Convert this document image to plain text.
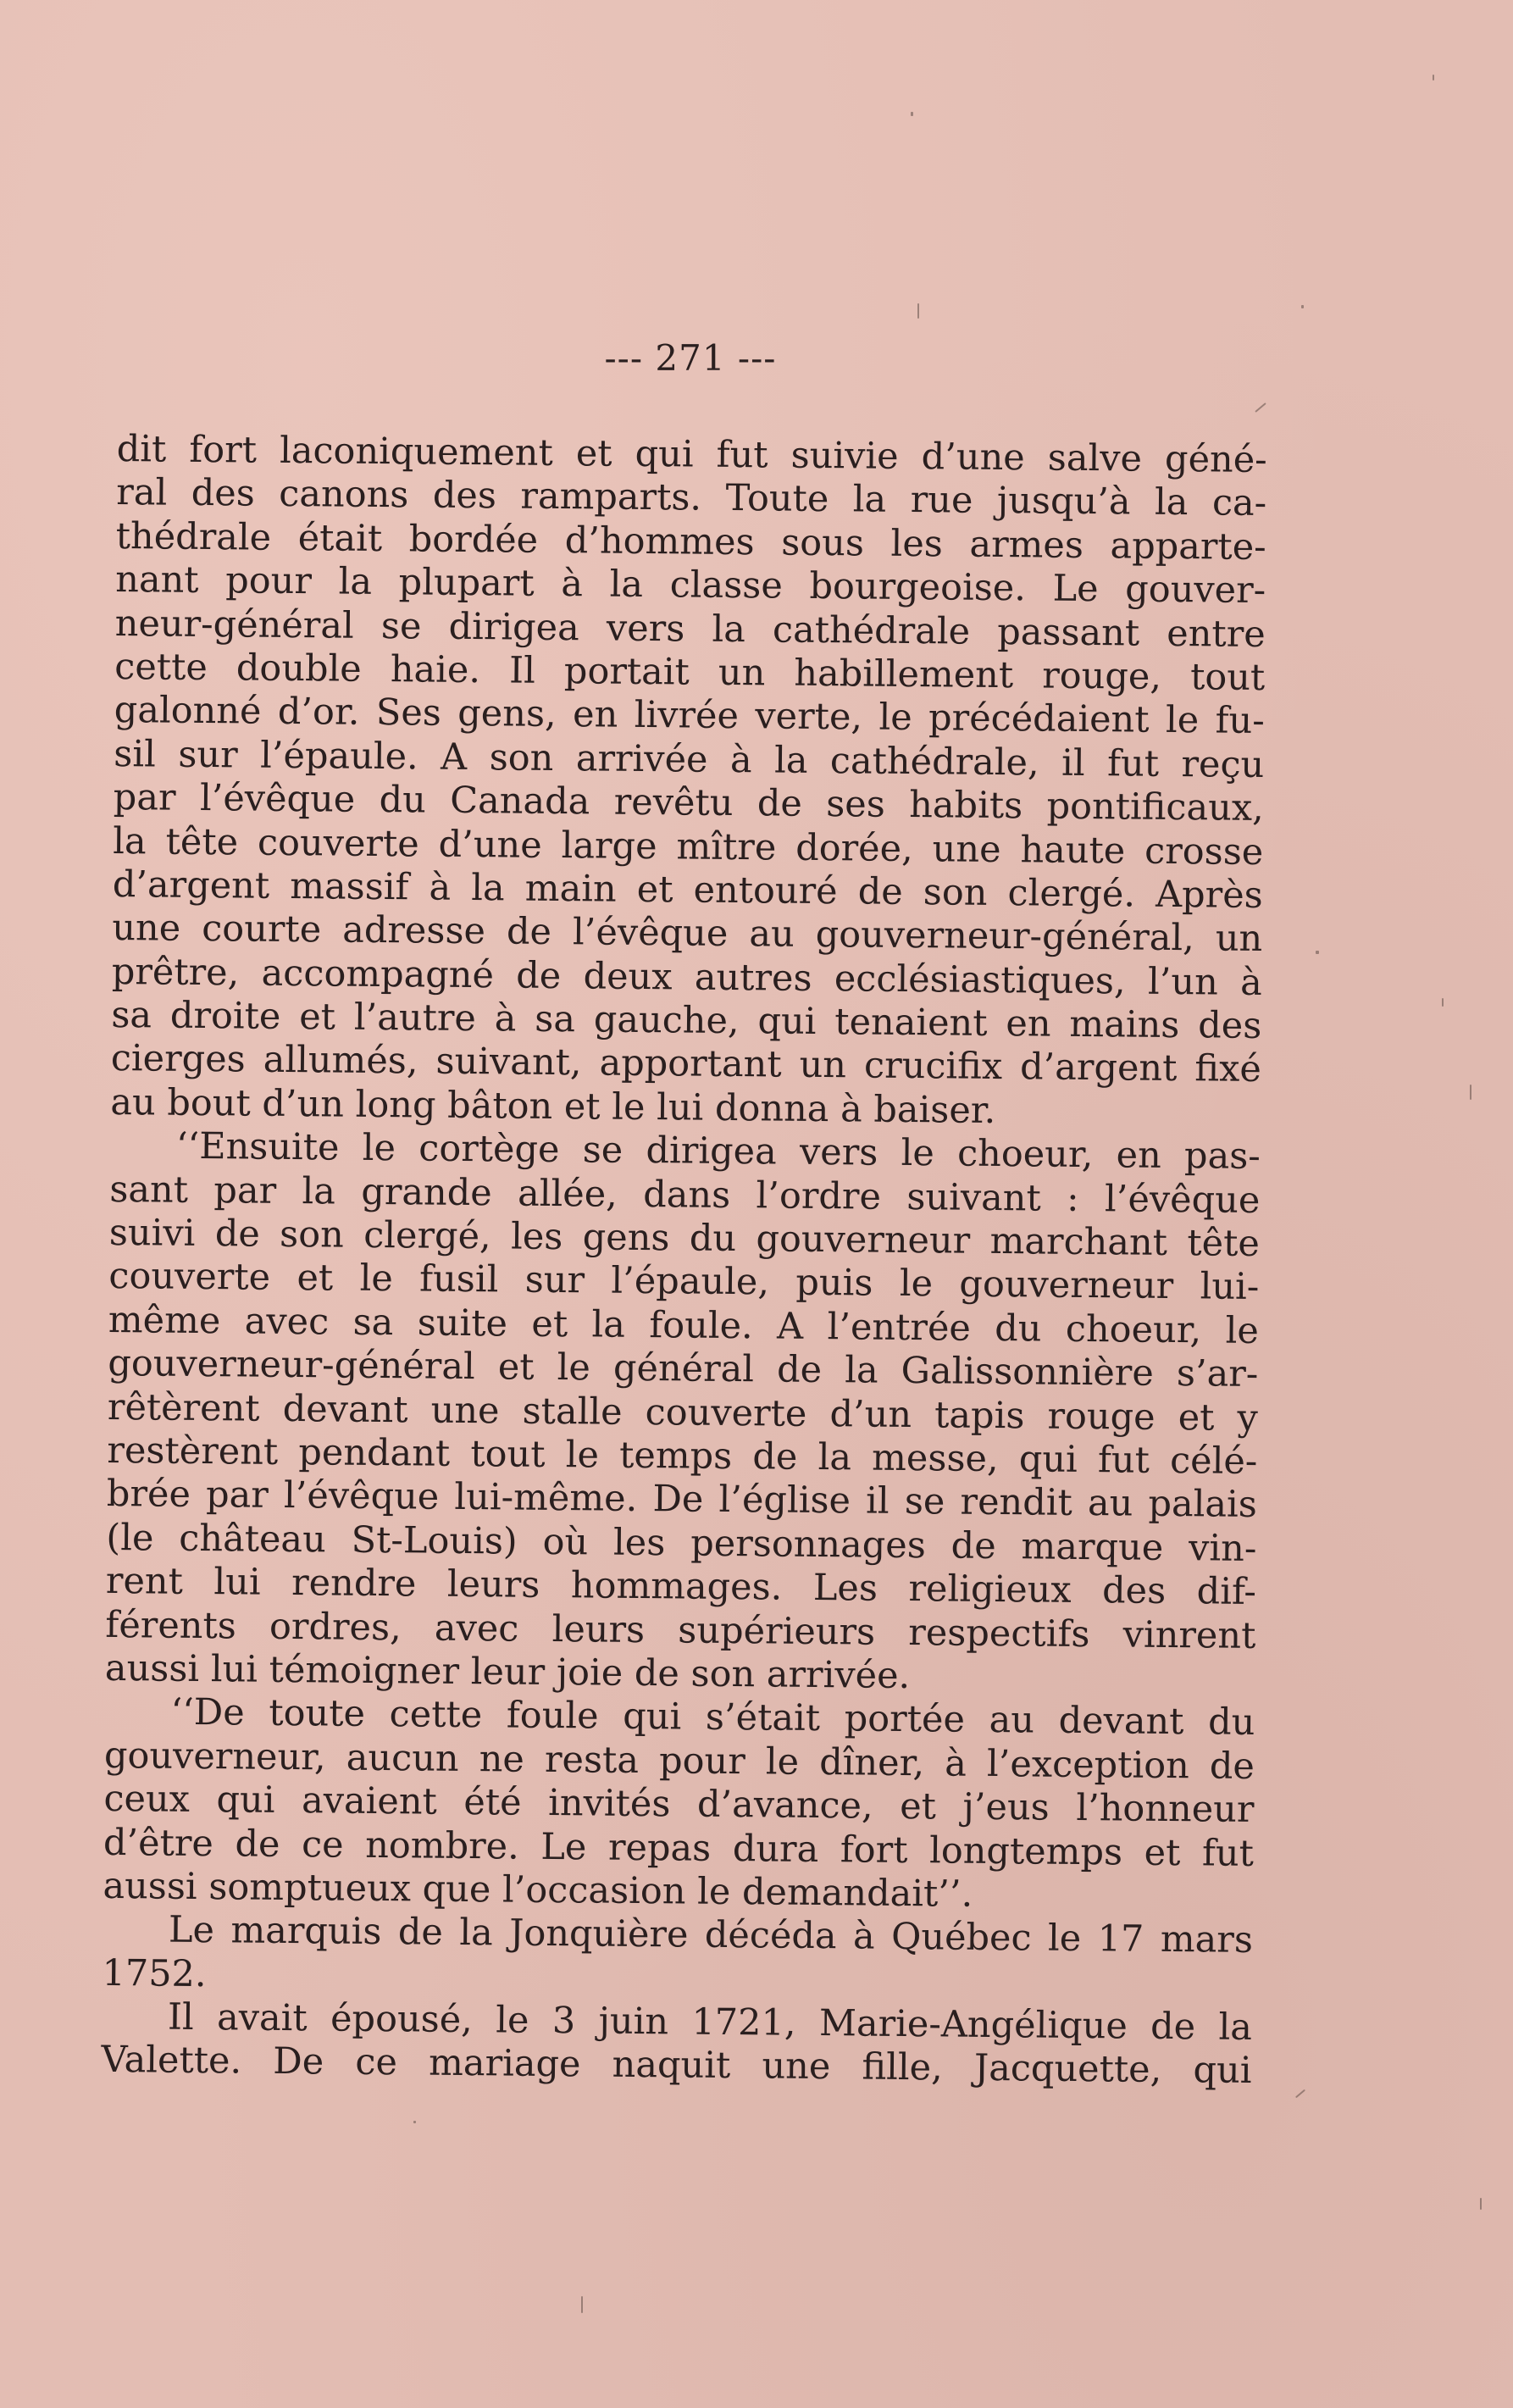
--- 271 ---
dit fort laconiquement et qui fut suivie d’une salve géné-
ral des canons des ramparts. Toute la rue jusqu’à la ca-
thédrale était bordée d’hommes sous les armes apparte-
nant pour la plupart à la classe bourgeoise. Le gouver-
neur-général se dirigea vers la cathédrale passant entre
cette double haie. Il portait un habillement rouge, tout
galonné d’or. Ses gens, en livrée verte, le précédaient le fu-
sil sur l’épaule. A son arrivée à la cathédrale, il fut reçu
par l’évêque du Canada revêtu de ses habits pontificaux,
la tête couverte d’une large mître dorée, une haute crosse
d’argent massif à la main et entouré de son clergé. Après
une courte adresse de l’évêque au gouverneur-général, un
prêtre, accompagné de deux autres ecclésiastiques, l’un à
sa droite et l’autre à sa gauche, qui tenaient en mains des
cierges allumés, suivant, apportant un crucifix d’argent fixé
au bout d’un long bâton et le lui donna à baiser.
‘‘Ensuite le cortège se dirigea vers le choeur, en pas-
sant par la grande allée, dans l’ordre suivant : l’évêque
suivi de son clergé, les gens du gouverneur marchant tête
couverte et le fusil sur l’épaule, puis le gouverneur lui-
même avec sa suite et la foule. A l’entrée du choeur, le
gouverneur-général et le général de la Galissonnière s’ar-
rêtèrent devant une stalle couverte d’un tapis rouge et y
restèrent pendant tout le temps de la messe, qui fut célé-
brée par l’évêque lui-même. De l’église il se rendit au palais
(le château St-Louis) où les personnages de marque vin-
rent lui rendre leurs hommages. Les religieux des dif-
férents ordres, avec leurs supérieurs respectifs vinrent
aussi lui témoigner leur joie de son arrivée.
‘‘De toute cette foule qui s’était portée au devant du
gouverneur, aucun ne resta pour le dîner, à l’exception de
ceux qui avaient été invités d’avance, et j’eus l’honneur
d’être de ce nombre. Le repas dura fort longtemps et fut
aussi somptueux que l’occasion le demandait’’.
Le marquis de la Jonquière décéda à Québec le 17 mars
1752.
Il avait épousé, le 3 juin 1721, Marie-Angélique de la
Valette. De ce mariage naquit une fille, Jacquette, qui
